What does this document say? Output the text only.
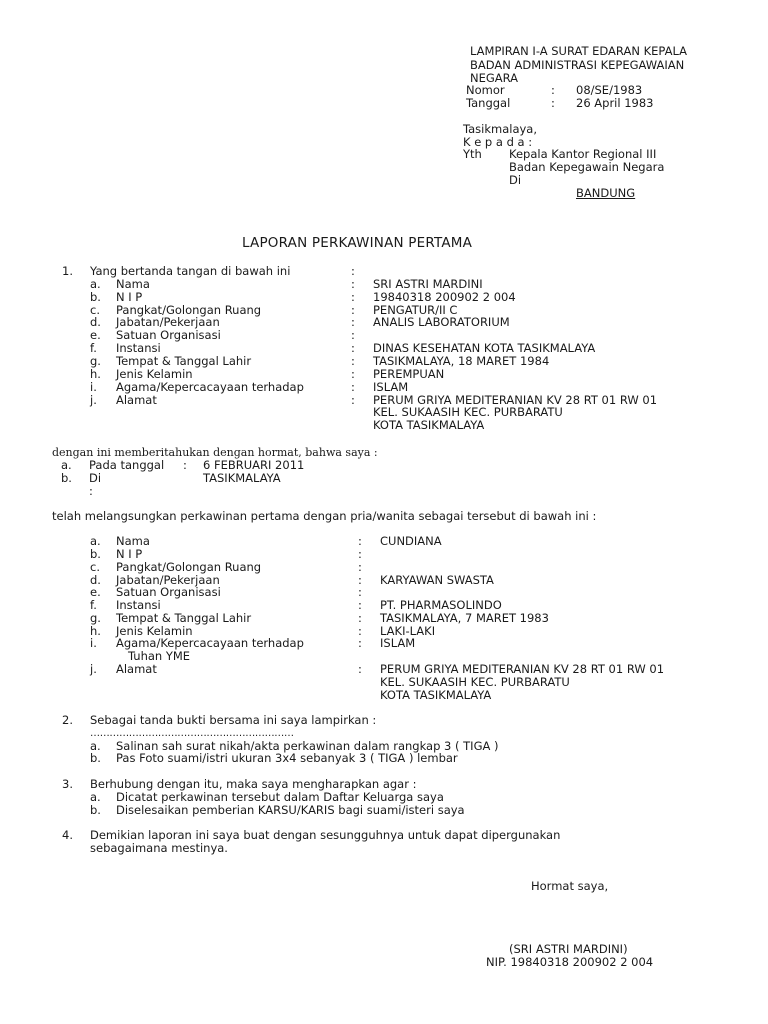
LAMPIRAN I-A SURAT EDARAN KEPALA
BADAN ADMINISTRASI KEPEGAWAIAN
NEGARA
Nomor	: 08/SE/1983
Tanggal	: 26 April 1983
Tasikmalaya,
K e p a d a :
Yth Kepala Kantor Regional III
Badan Kepegawain Negara
Di
BANDUNG
LAPORAN PERKAWINAN PERTAMA
1. Yang bertanda tangan di bawah ini	:
a. Nama	: SRI ASTRI MARDINI
b. N I P	: 19840318 200902 2 004
c. Pangkat/Golongan Ruang	: PENGATUR/II C
d. Jabatan/Pekerjaan	: ANALIS LABORATORIUM
e. Satuan Organisasi	:
f. Instansi	: DINAS KESEHATAN KOTA TASIKMALAYA
g. Tempat & Tanggal Lahir	: TASIKMALAYA, 18 MARET 1984
h. Jenis Kelamin	: PEREMPUAN
i. Agama/Kepercacayaan terhadap	: ISLAM
j. Alamat	: PERUM GRIYA MEDITERANIAN KV 28 RT 01 RW 01
KEL. SUKAASIH KEC. PURBARATU
KOTA TASIKMALAYA
dengan ini memberitahukan dengan hormat, bahwa saya :
a. Pada tanggal : 6 FEBRUARI 2011
b. Di	TASIKMALAYA
:
telah melangsungkan perkawinan pertama dengan pria/wanita sebagai tersebut di bawah ini :
a. Nama	: CUNDIANA
b. N I P	:
c. Pangkat/Golongan Ruang	:
d. Jabatan/Pekerjaan	: KARYAWAN SWASTA
e. Satuan Organisasi	:
f. Instansi	: PT. PHARMASOLINDO
g. Tempat & Tanggal Lahir	: TASIKMALAYA, 7 MARET 1983
h. Jenis Kelamin	: LAKI-LAKI
i. Agama/Kepercacayaan terhadap	: ISLAM
Tuhan YME
j. Alamat	: PERUM GRIYA MEDITERANIAN KV 28 RT 01 RW 01
KEL. SUKAASIH KEC. PURBARATU
KOTA TASIKMALAYA
2. Sebagai tanda bukti bersama ini saya lampirkan :
………………………………………………………
a. Salinan sah surat nikah/akta perkawinan dalam rangkap 3 ( TIGA )
b. Pas Foto suami/istri ukuran 3x4 sebanyak 3 ( TIGA ) lembar
3. Berhubung dengan itu, maka saya mengharapkan agar :
a. Dicatat perkawinan tersebut dalam Daftar Keluarga saya
b. Diselesaikan pemberian KARSU/KARIS bagi suami/isteri saya
4. Demikian laporan ini saya buat dengan sesungguhnya untuk dapat dipergunakan
sebagaimana mestinya.
Hormat saya,
(SRI ASTRI MARDINI)
NIP. 19840318 200902 2 004
